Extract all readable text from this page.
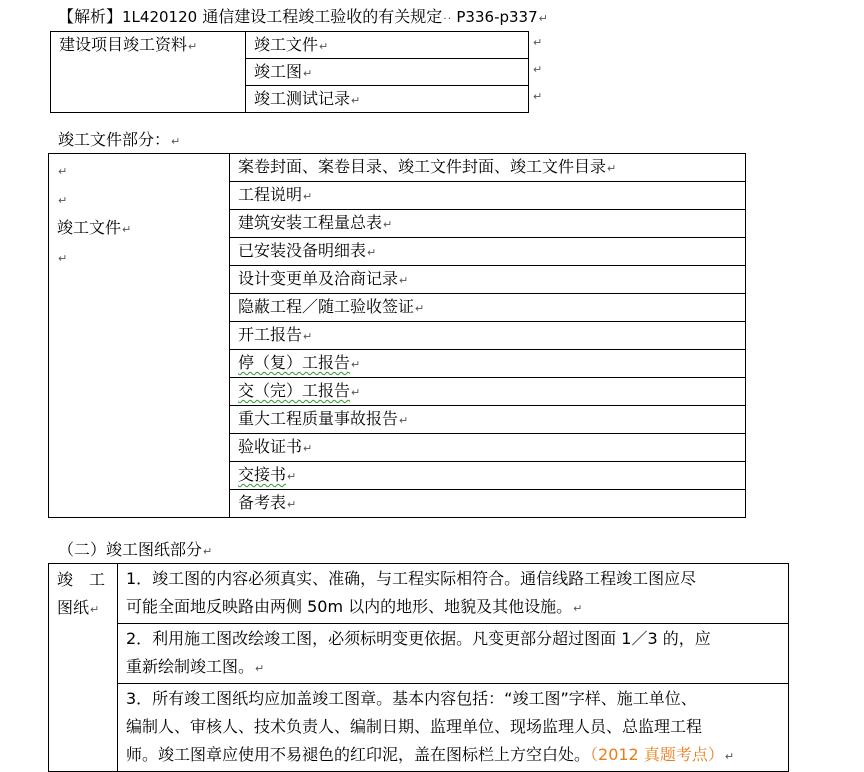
【解析】1L420120 通信建设工程竣工验收的有关规定·· P336-p337↵
建设项目竣工资料↵	竣工文件↵
竣工图↵
竣工测试记录↵
↵
↵
↵
竣工文件部分：↵
↵
↵
竣工文件↵
↵	案卷封面、案卷目录、竣工文件封面、竣工文件目录↵
工程说明↵
建筑安装工程量总表↵
已安装没备明细表↵
设计变更单及洽商记录↵
隐蔽工程／随工验收签证↵
开工报告↵
停（复）工报告↵
交（完）工报告↵
重大工程质量事故报告↵
验收证书↵
交接书↵
备考表↵
（二）竣工图纸部分↵
竣　工
图纸↵	1．竣工图的内容必须真实、准确，与工程实际相符合。通信线路工程竣工图应尽
可能全面地反映路由两侧 50m 以内的地形、地貌及其他设施。↵
2．利用施工图改绘竣工图，必须标明变更依据。凡变更部分超过图面 1／3 的，应
重新绘制竣工图。↵
3．所有竣工图纸均应加盖竣工图章。基本内容包括：“竣工图”字样、施工单位、
编制人、审核人、技术负责人、编制日期、监理单位、现场监理人员、总监理工程
师。竣工图章应使用不易褪色的红印泥，盖在图标栏上方空白处。（2012 真题考点）↵
